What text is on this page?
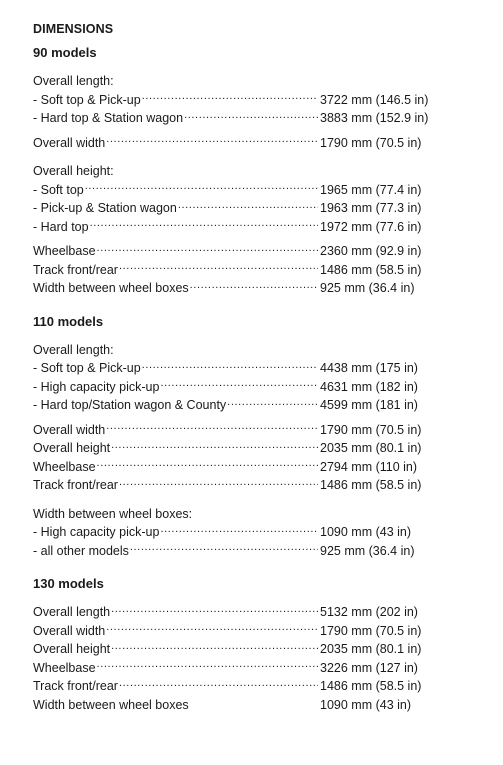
DIMENSIONS
90 models

Overall length:

- Soft top & Pick-up .....	3722 mm (146.5 in)
- Hard top & Station wagon .....	3883 mm (152.9 in)
Overall width .....	1790 mm (70.5 in)

Overall height:

- Soft top .....	1965 mm (77.4 in)
- Pick-up & Station wagon .....	1963 mm (77.3 in)
- Hard top .....	1972 mm (77.6 in)
Wheelbase .....	2360 mm (92.9 in)
Track front/rear .....	1486 mm (58.5 in)
Width between wheel boxes .....	925 mm (36.4 in)
110 models

Overall length:

- Soft top & Pick-up .....	4438 mm (175 in)
- High capacity pick-up .....	4631 mm (182 in)
- Hard top/Station wagon & County .....	4599 mm (181 in)
Overall width .....	1790 mm (70.5 in)
Overall height .....	2035 mm (80.1 in)
Wheelbase .....	2794 mm (110 in)
Track front/rear .....	1486 mm (58.5 in)

Width between wheel boxes:

- High capacity pick-up .....	1090 mm (43 in)
- all other models .....	925 mm (36.4 in)
130 models
Overall length .....	5132 mm (202 in)
Overall width .....	1790 mm (70.5 in)
Overall height .....	2035 mm (80.1 in)
Wheelbase .....	3226 mm (127 in)
Track front/rear .....	1486 mm (58.5 in)
Width between wheel boxes	1090 mm (43 in)
